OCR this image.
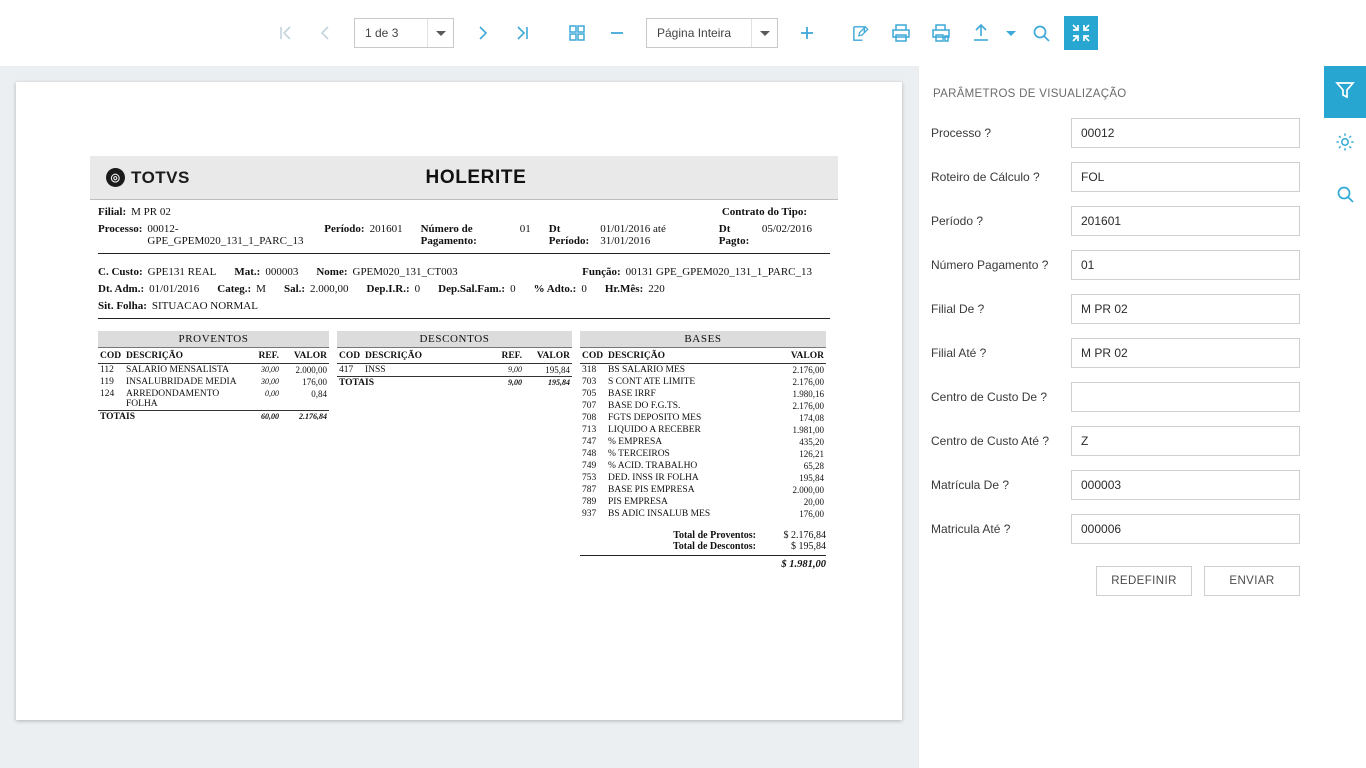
1 de 3	Página Inteira
◎ TOTVS	HOLERITE
Filial: M PR 02	Contrato do Tipo:
Processo: 00012-GPE_GPEM020_131_1_PARC_13
Período: 201601 Número de Pagamento:
01 Dt Período:
01/01/2016 até 31/01/2016
Dt Pagto:
05/02/2016
C. Custo: GPE131 REAL Mat.: 000003 Nome: GPEM020_131_CT003	Função: 00131 GPE_GPEM020_131_1_PARC_13
Dt. Adm.: 01/01/2016 Categ.: M Sal.: 2.000,00 Dep.I.R.: 0 Dep.Sal.Fam.: 0 % Adto.: 0 Hr.Mês: 220
Sit. Folha: SITUACAO NORMAL
PROVENTOS
COD	DESCRIÇÃO	REF.	VALOR
112	SALARIO MENSALISTA	30,00	2.000,00
119	INSALUBRIDADE MEDIA	30,00	176,00
124	ARREDONDAMENTO FOLHA	0,00	0,84
TOTAIS		60,00	2.176,84
DESCONTOS
COD	DESCRIÇÃO	REF.	VALOR
417	INSS	9,00	195,84
TOTAIS		9,00	195,84
BASES
COD	DESCRIÇÃO	VALOR
318	BS SALARIO MES	2.176,00
703	S CONT ATE LIMITE	2.176,00
705	BASE IRRF	1.980,16
707	BASE DO F.G.TS.	2.176,00
708	FGTS DEPOSITO MES	174,08
713	LIQUIDO A RECEBER	1.981,00
747	% EMPRESA	435,20
748	% TERCEIROS	126,21
749	% ACID. TRABALHO	65,28
753	DED. INSS IR FOLHA	195,84
787	BASE PIS EMPRESA	2.000,00
789	PIS EMPRESA	20,00
937	BS ADIC INSALUB MES	176,00
Total de Proventos:	$ 2.176,84
Total de Descontos:	$ 195,84
$ 1.981,00
PARÂMETROS DE VISUALIZAÇÃO
Processo ?
00012
Roteiro de Cálculo ?
FOL
Período ?
201601
Número Pagamento ?
01
Filial De ?
M PR 02
Filial Até ?
M PR 02
Centro de Custo De ?
Centro de Custo Até ?
Z
Matrícula De ?
000003
Matricula Até ?
000006
REDEFINIR	ENVIAR
